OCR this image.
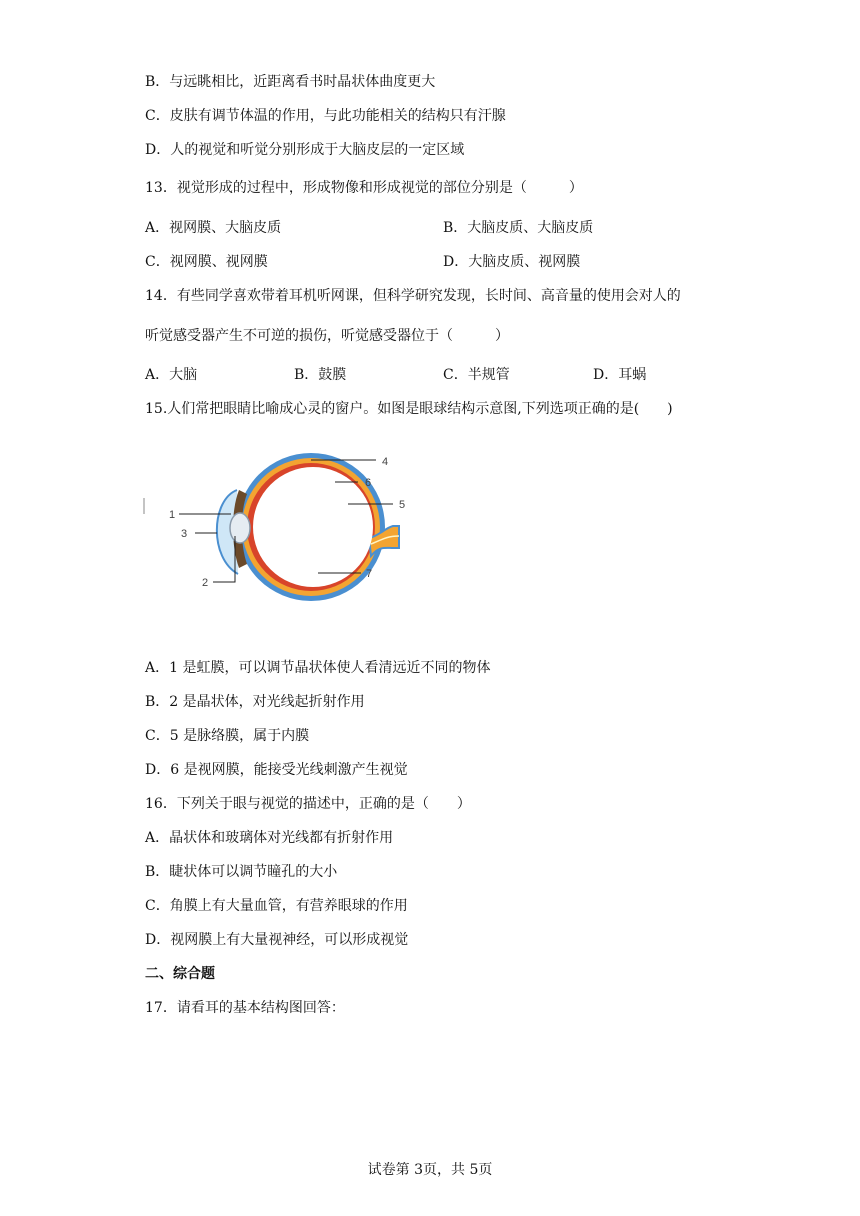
B．与远眺相比，近距离看书时晶状体曲度更大
C．皮肤有调节体温的作用，与此功能相关的结构只有汗腺
D．人的视觉和听觉分别形成于大脑皮层的一定区域
13．视觉形成的过程中，形成物像和形成视觉的部位分别是（　　　）
A．视网膜、大脑皮质	B．大脑皮质、大脑皮质
C．视网膜、视网膜	D．大脑皮质、视网膜
14．有些同学喜欢带着耳机听网课，但科学研究发现，长时间、高音量的使用会对人的
听觉感受器产生不可逆的损伤，听觉感受器位于（　　　）
A．大脑	B．鼓膜	C．半规管	D．耳蜗
15.人们常把眼睛比喻成心灵的窗户。如图是眼球结构示意图,下列选项正确的是(　　)
1
2
3
4
5
6
7
A．1 是虹膜，可以调节晶状体使人看清远近不同的物体
B．2 是晶状体，对光线起折射作用
C．5 是脉络膜，属于内膜
D．6 是视网膜，能接受光线刺激产生视觉
16．下列关于眼与视觉的描述中，正确的是（　　）
A．晶状体和玻璃体对光线都有折射作用
B．睫状体可以调节瞳孔的大小
C．角膜上有大量血管，有营养眼球的作用
D．视网膜上有大量视神经，可以形成视觉
二、综合题
17．请看耳的基本结构图回答：
试卷第 3页，共 5页
